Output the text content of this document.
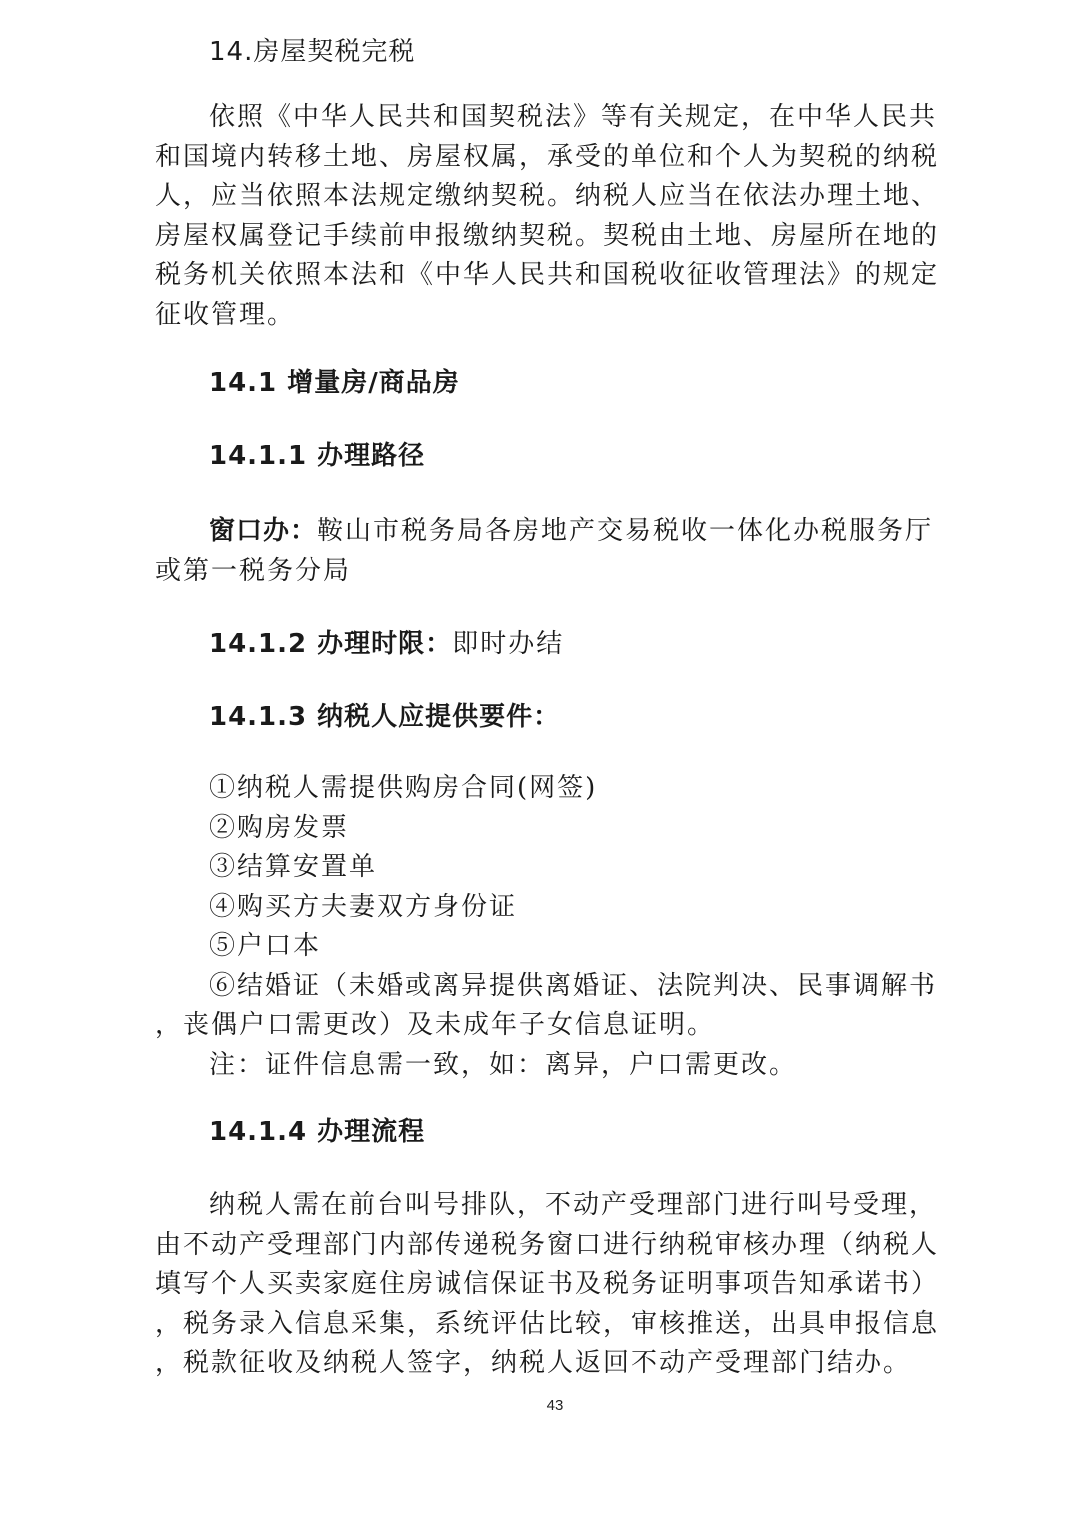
14.房屋契税完税
依照《中华人民共和国契税法》等有关规定，在中华人民共
和国境内转移土地、房屋权属，承受的单位和个人为契税的纳税
人，应当依照本法规定缴纳契税。纳税人应当在依法办理土地、
房屋权属登记手续前申报缴纳契税。契税由土地、房屋所在地的
税务机关依照本法和《中华人民共和国税收征收管理法》的规定
征收管理。
14.1 增量房/商品房
14.1.1 办理路径
窗口办：鞍山市税务局各房地产交易税收一体化办税服务厅
或第一税务分局
14.1.2 办理时限：即时办结
14.1.3 纳税人应提供要件：
①纳税人需提供购房合同(网签)
②购房发票
③结算安置单
④购买方夫妻双方身份证
⑤户口本
⑥结婚证（未婚或离异提供离婚证、法院判决、民事调解书
，丧偶户口需更改）及未成年子女信息证明。
注：证件信息需一致，如：离异，户口需更改。
14.1.4 办理流程
纳税人需在前台叫号排队，不动产受理部门进行叫号受理，
由不动产受理部门内部传递税务窗口进行纳税审核办理（纳税人
填写个人买卖家庭住房诚信保证书及税务证明事项告知承诺书）
，税务录入信息采集，系统评估比较，审核推送，出具申报信息
，税款征收及纳税人签字，纳税人返回不动产受理部门结办。
43
